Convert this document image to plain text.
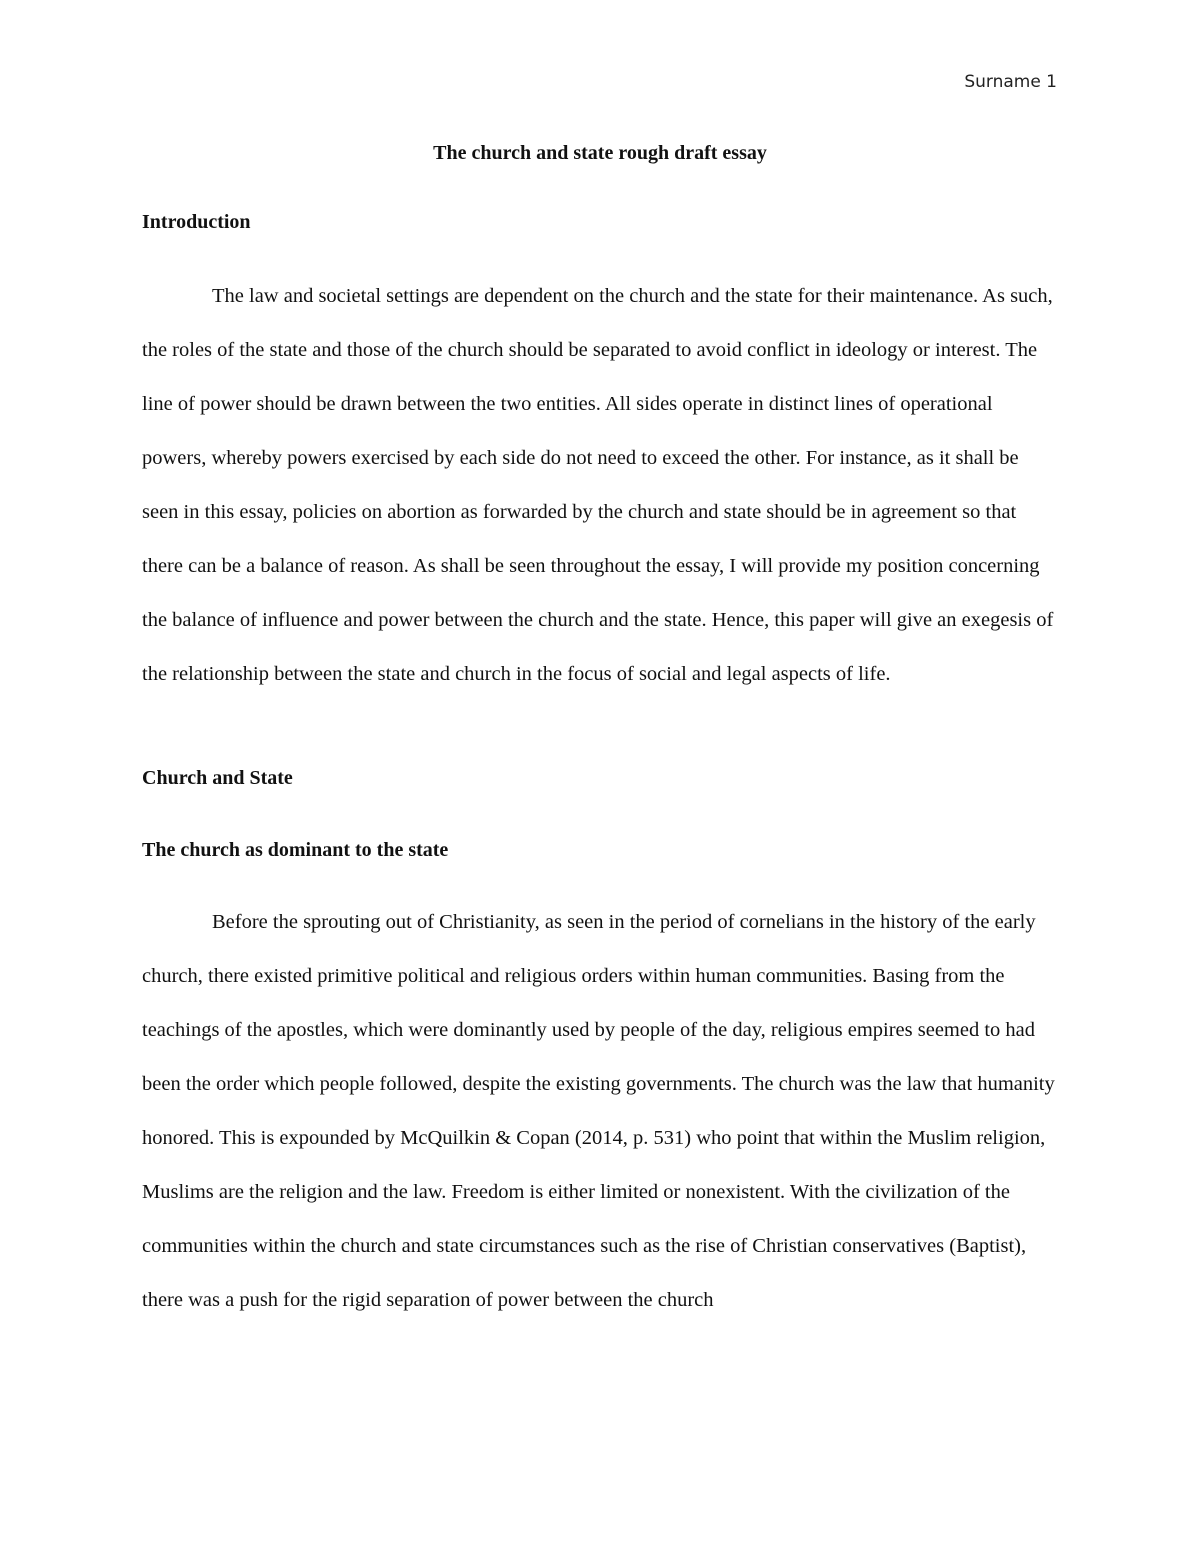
Surname 1
The church and state rough draft essay
Introduction

The law and societal settings are dependent on the church and the state for their maintenance. As such, the roles of the state and those of the church should be separated to avoid conflict in ideology or interest. The line of power should be drawn between the two entities. All sides operate in distinct lines of operational powers, whereby powers exercised by each side do not need to exceed the other. For instance, as it shall be seen in this essay, policies on abortion as forwarded by the church and state should be in agreement so that there can be a balance of reason. As shall be seen throughout the essay, I will provide my position concerning the balance of influence and power between the church and the state. Hence, this paper will give an exegesis of the relationship between the state and church in the focus of social and legal aspects of life.

Church and State
The church as dominant to the state

Before the sprouting out of Christianity, as seen in the period of cornelians in the history of the early church, there existed primitive political and religious orders within human communities. Basing from the teachings of the apostles, which were dominantly used by people of the day, religious empires seemed to had been the order which people followed, despite the existing governments. The church was the law that humanity honored. This is expounded by McQuilkin & Copan (2014, p. 531) who point that within the Muslim religion, Muslims are the religion and the law. Freedom is either limited or nonexistent. With the civilization of the communities within the church and state circumstances such as the rise of Christian conservatives (Baptist), there was a push for the rigid separation of power between the church
